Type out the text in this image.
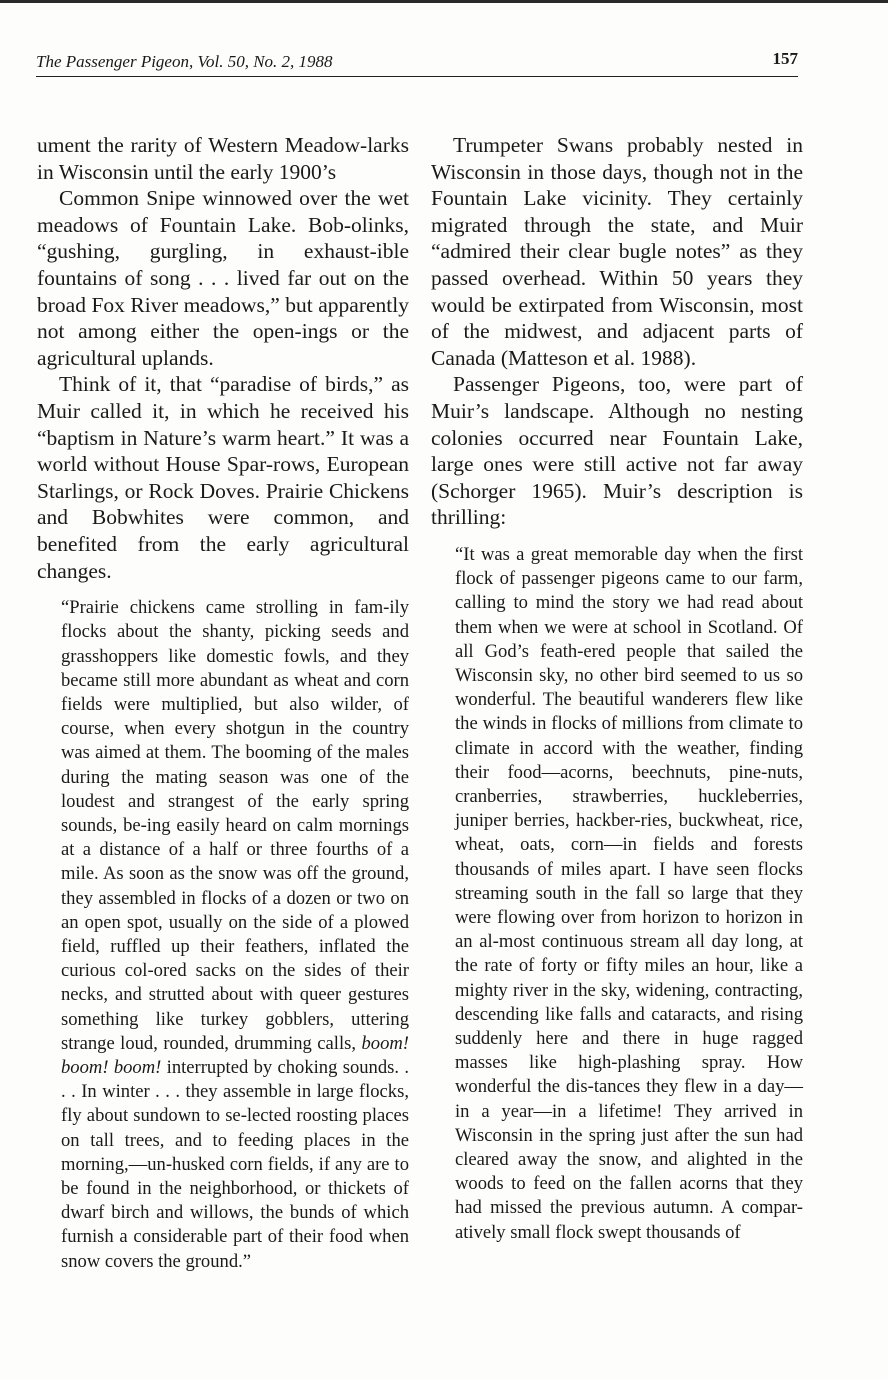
The Passenger Pigeon, Vol. 50, No. 2, 1988	157

ument the rarity of Western Meadow-larks in Wisconsin until the early 1900’s

Common Snipe winnowed over the wet meadows of Fountain Lake. Bob-olinks, “gushing, gurgling, in exhaust-ible fountains of song . . . lived far out on the broad Fox River meadows,” but apparently not among either the open-ings or the agricultural uplands.

Think of it, that “paradise of birds,” as Muir called it, in which he received his “baptism in Nature’s warm heart.” It was a world without House Spar-rows, European Starlings, or Rock Doves. Prairie Chickens and Bobwhites were common, and benefited from the early agricultural changes.

“Prairie chickens came strolling in fam-ily flocks about the shanty, picking seeds and grasshoppers like domestic fowls, and they became still more abundant as wheat and corn fields were multiplied, but also wilder, of course, when every shotgun in the country was aimed at them. The booming of the males during the mating season was one of the loudest and strangest of the early spring sounds, be-ing easily heard on calm mornings at a distance of a half or three fourths of a mile. As soon as the snow was off the ground, they assembled in flocks of a dozen or two on an open spot, usually on the side of a plowed field, ruffled up their feathers, inflated the curious col-ored sacks on the sides of their necks, and strutted about with queer gestures something like turkey gobblers, uttering strange loud, rounded, drumming calls, boom! boom! boom! interrupted by choking sounds. . . . In winter . . . they assemble in large flocks, fly about sundown to se-lected roosting places on tall trees, and to feeding places in the morning,—un-husked corn fields, if any are to be found in the neighborhood, or thickets of dwarf birch and willows, the bunds of which furnish a considerable part of their food when snow covers the ground.”

Trumpeter Swans probably nested in Wisconsin in those days, though not in the Fountain Lake vicinity. They certainly migrated through the state, and Muir “admired their clear bugle notes” as they passed overhead. Within 50 years they would be extirpated from Wisconsin, most of the midwest, and adjacent parts of Canada (Matteson et al. 1988).

Passenger Pigeons, too, were part of Muir’s landscape. Although no nesting colonies occurred near Fountain Lake, large ones were still active not far away (Schorger 1965). Muir’s description is thrilling:

“It was a great memorable day when the first flock of passenger pigeons came to our farm, calling to mind the story we had read about them when we were at school in Scotland. Of all God’s feath-ered people that sailed the Wisconsin sky, no other bird seemed to us so wonderful. The beautiful wanderers flew like the winds in flocks of millions from climate to climate in accord with the weather, finding their food—acorns, beechnuts, pine-nuts, cranberries, strawberries, huckleberries, juniper berries, hackber-ries, buckwheat, rice, wheat, oats, corn—in fields and forests thousands of miles apart. I have seen flocks streaming south in the fall so large that they were flowing over from horizon to horizon in an al-most continuous stream all day long, at the rate of forty or fifty miles an hour, like a mighty river in the sky, widening, contracting, descending like falls and cataracts, and rising suddenly here and there in huge ragged masses like high-plashing spray. How wonderful the dis-tances they flew in a day—in a year—in a lifetime! They arrived in Wisconsin in the spring just after the sun had cleared away the snow, and alighted in the woods to feed on the fallen acorns that they had missed the previous autumn. A compar-atively small flock swept thousands of
